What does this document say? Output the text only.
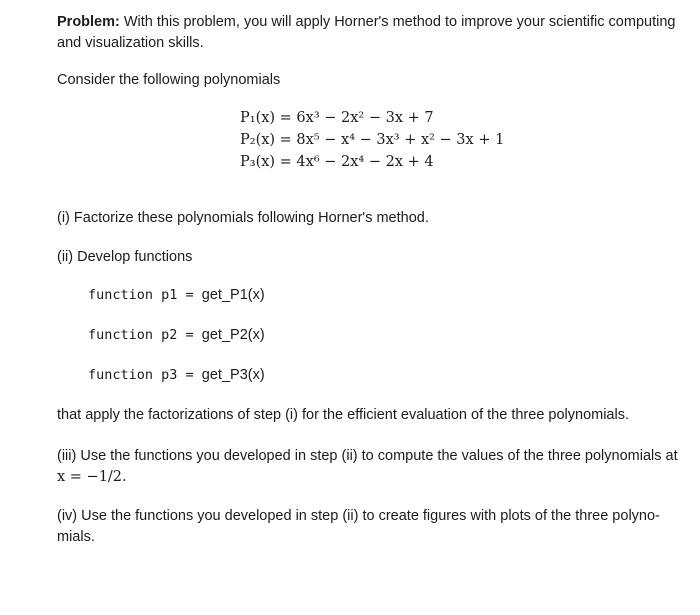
Problem: With this problem, you will apply Horner's method to improve your scientific computing and visualization skills.
Consider the following polynomials
P₁(x) = 6x³ − 2x² − 3x + 7
P₂(x) = 8x⁵ − x⁴ − 3x³ + x² − 3x + 1
P₃(x) = 4x⁶ − 2x⁴ − 2x + 4
(i) Factorize these polynomials following Horner's method.
(ii) Develop functions
function p1 = get_P1(x)
function p2 = get_P2(x)
function p3 = get_P3(x)
that apply the factorizations of step (i) for the efficient evaluation of the three polynomials.
(iii) Use the functions you developed in step (ii) to compute the values of the three polynomials at x = −1/2.
(iv) Use the functions you developed in step (ii) to create figures with plots of the three polyno-mials.
